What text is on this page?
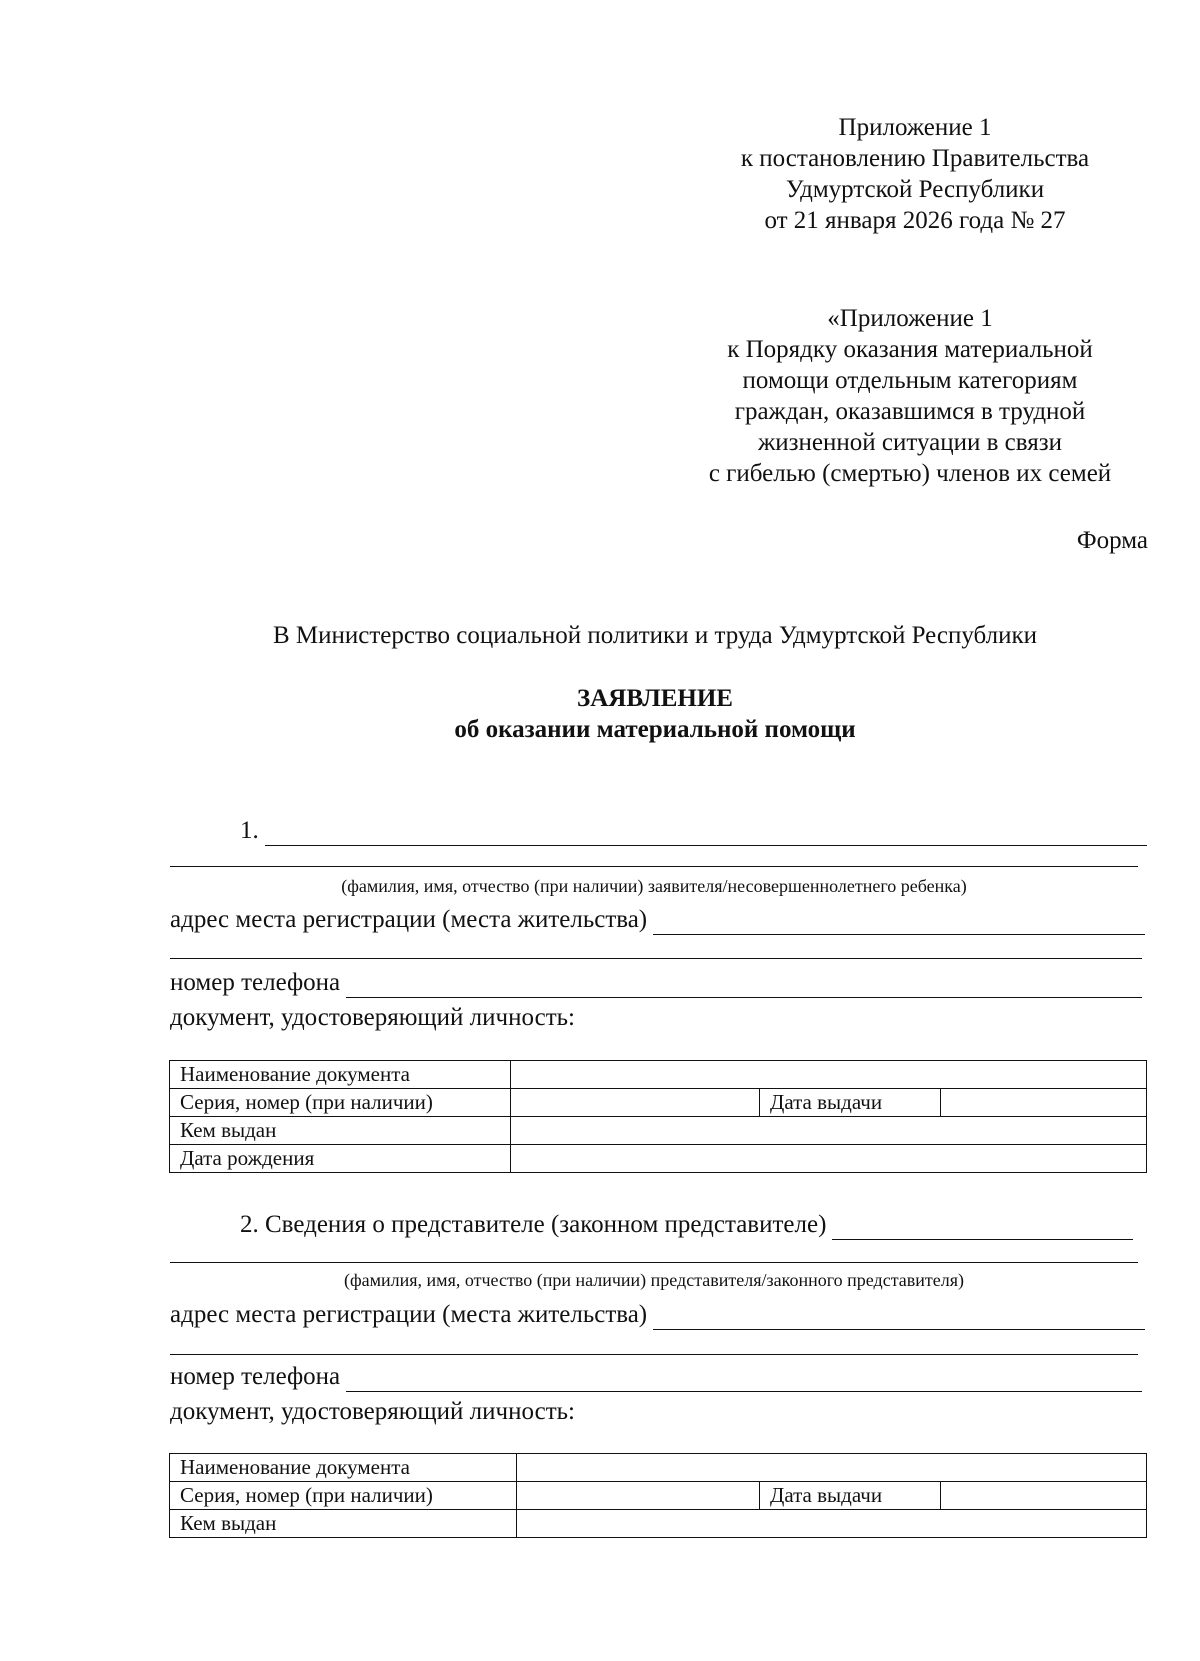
Приложение 1
к постановлению Правительства
Удмуртской Республики
от 21 января 2026 года № 27
«Приложение 1
к Порядку оказания материальной
помощи отдельным категориям
граждан, оказавшимся в трудной
жизненной ситуации в связи
с гибелью (смертью) членов их семей
Форма
В Министерство социальной политики и труда Удмуртской Республики
ЗАЯВЛЕНИЕ
об оказании материальной помощи
1.
(фамилия, имя, отчество (при наличии) заявителя/несовершеннолетнего ребенка)
адрес места регистрации (места жительства)
номер телефона
документ, удостоверяющий личность:
Наименование документа			
Серия, номер (при наличии)		Дата выдачи	
Кем выдан			
Дата рождения			
2. Сведения о представителе (законном представителе)
(фамилия, имя, отчество (при наличии) представителя/законного представителя)
адрес места регистрации (места жительства)
номер телефона
документ, удостоверяющий личность:
Наименование документа			
Серия, номер (при наличии)		Дата выдачи	
Кем выдан			
